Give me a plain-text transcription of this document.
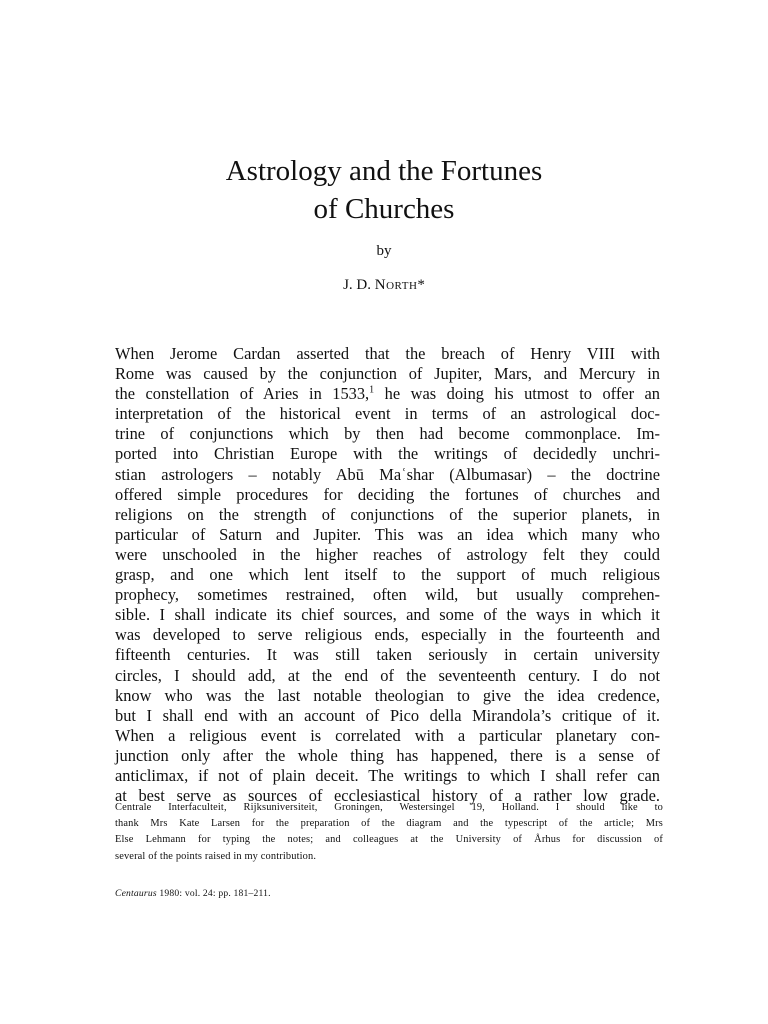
Astrology and the Fortunes
of Churches
by
J. D. North*
When Jerome Cardan asserted that the breach of Henry VIII with
Rome was caused by the conjunction of Jupiter, Mars, and Mercury in
the constellation of Aries in 1533,$^1$ he was doing his utmost to offer an
interpretation of the historical event in terms of an astrological doc-
trine of conjunctions which by then had become commonplace. Im-
ported into Christian Europe with the writings of decidedly unchri-
stian astrologers – notably Abū Maʿshar (Albumasar) – the doctrine
offered simple procedures for deciding the fortunes of churches and
religions on the strength of conjunctions of the superior planets, in
particular of Saturn and Jupiter. This was an idea which many who
were unschooled in the higher reaches of astrology felt they could
grasp, and one which lent itself to the support of much religious
prophecy, sometimes restrained, often wild, but usually comprehen-
sible. I shall indicate its chief sources, and some of the ways in which it
was developed to serve religious ends, especially in the fourteenth and
fifteenth centuries. It was still taken seriously in certain university
circles, I should add, at the end of the seventeenth century. I do not
know who was the last notable theologian to give the idea credence,
but I shall end with an account of Pico della Mirandola’s critique of it.
When a religious event is correlated with a particular planetary con-
junction only after the whole thing has happened, there is a sense of
anticlimax, if not of plain deceit. The writings to which I shall refer can
at best serve as sources of ecclesiastical history of a rather low grade.
Centrale Interfaculteit, Rijksuniversiteit, Groningen, Westersingel 19, Holland. I should like to
thank Mrs Kate Larsen for the preparation of the diagram and the typescript of the article; Mrs
Else Lehmann for typing the notes; and colleagues at the University of Århus for discussion of
several of the points raised in my contribution.
Centaurus 1980: vol. 24: pp. 181–211.
